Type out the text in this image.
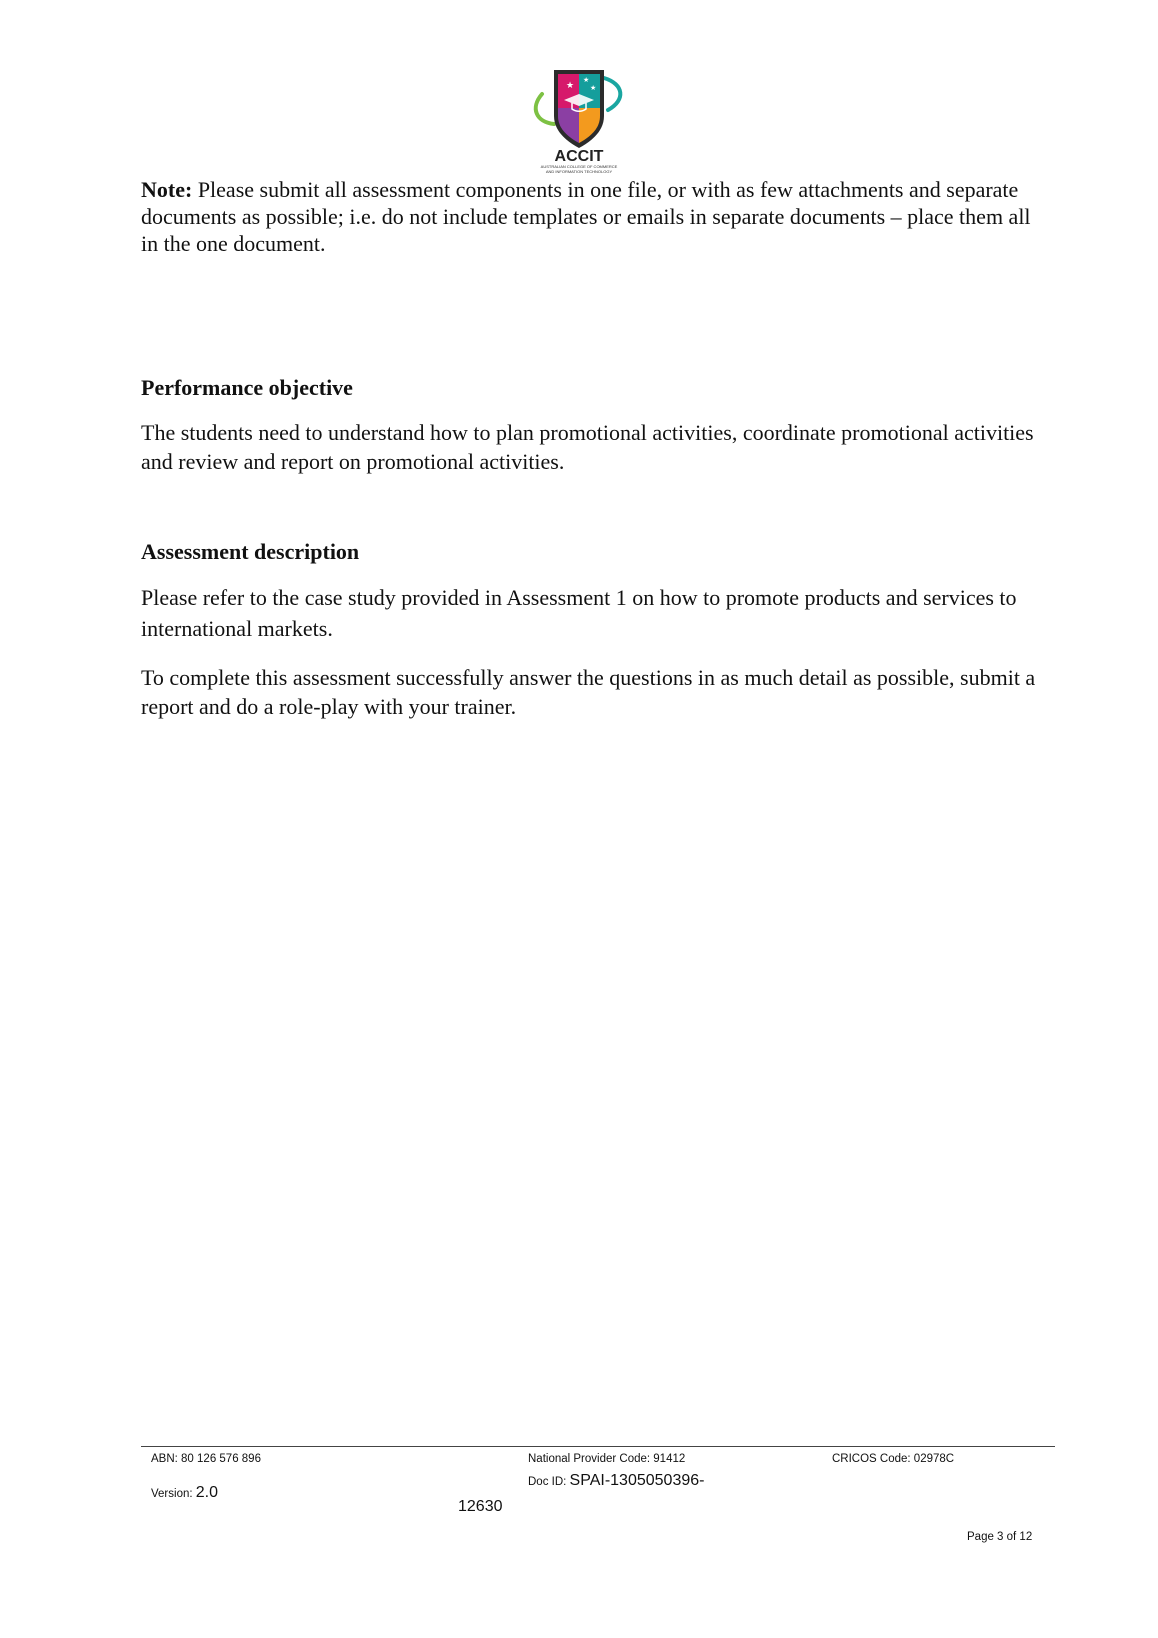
★
★
★
ACCIT
AUSTRALIAN COLLEGE OF COMMERCE
AND INFORMATION TECHNOLOGY

Note: Please submit all assessment components in one file, or with as few attachments and separate documents as possible; i.e. do not include templates or emails in separate documents – place them all in the one document.

Performance objective

The students need to understand how to plan promotional activities, coordinate promotional activities and review and report on promotional activities.

Assessment description

Please refer to the case study provided in Assessment 1 on how to promote products and services to international markets.

To complete this assessment successfully answer the questions in as much detail as possible, submit a report and do a role-play with your trainer.

ABN: 80 126 576 896	National Provider Code: 91412	CRICOS Code: 02978C
Doc ID: SPAI-1305050396-
12630
Version: 2.0
Page 3 of 12
